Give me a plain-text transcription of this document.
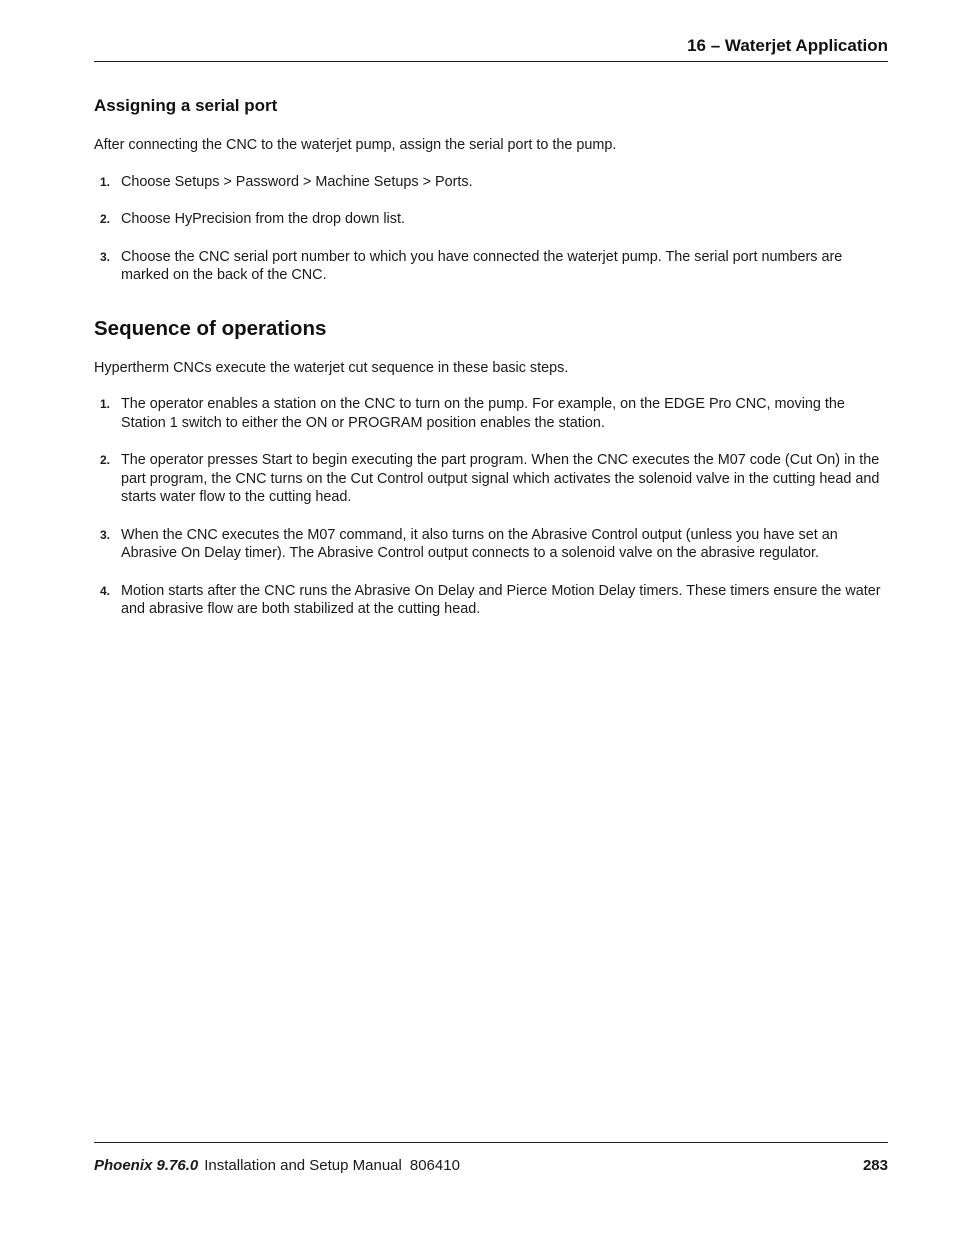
16 – Waterjet Application
Assigning a serial port

After connecting the CNC to the waterjet pump, assign the serial port to the pump.

1. Choose Setups > Password > Machine Setups > Ports.
2. Choose HyPrecision from the drop down list.
3. Choose the CNC serial port number to which you have connected the waterjet pump. The serial port numbers are marked on the back of the CNC.
Sequence of operations

Hypertherm CNCs execute the waterjet cut sequence in these basic steps.

1. The operator enables a station on the CNC to turn on the pump. For example, on the EDGE Pro CNC, moving the Station 1 switch to either the ON or PROGRAM position enables the station.
2. The operator presses Start to begin executing the part program. When the CNC executes the M07 code (Cut On) in the part program, the CNC turns on the Cut Control output signal which activates the solenoid valve in the cutting head and starts water flow to the cutting head.
3. When the CNC executes the M07 command, it also turns on the Abrasive Control output (unless you have set an Abrasive On Delay timer). The Abrasive Control output connects to a solenoid valve on the abrasive regulator.
4. Motion starts after the CNC runs the Abrasive On Delay and Pierce Motion Delay timers. These timers ensure the water and abrasive flow are both stabilized at the cutting head.
Phoenix 9.76.0 Installation and Setup Manual 806410	283
